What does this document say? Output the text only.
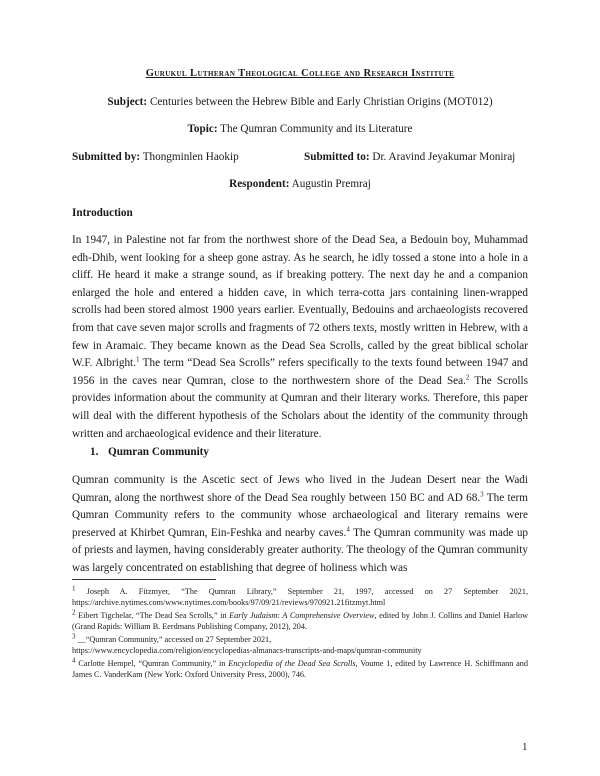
Gurukul Lutheran Theological College and Research Institute
Subject: Centuries between the Hebrew Bible and Early Christian Origins (MOT012)
Topic: The Qumran Community and its Literature
Submitted by: Thongminlen Haokip	Submitted to: Dr. Aravind Jeyakumar Moniraj
Respondent: Augustin Premraj
Introduction

In 1947, in Palestine not far from the northwest shore of the Dead Sea, a Bedouin boy, Muhammad edh-Dhib, went looking for a sheep gone astray. As he search, he idly tossed a stone into a hole in a cliff. He heard it make a strange sound, as if breaking pottery. The next day he and a companion enlarged the hole and entered a hidden cave, in which terra-cotta jars containing linen-wrapped scrolls had been stored almost 1900 years earlier. Eventually, Bedouins and archaeologists recovered from that cave seven major scrolls and fragments of 72 others texts, mostly written in Hebrew, with a few in Aramaic. They became known as the Dead Sea Scrolls, called by the great biblical scholar W.F. Albright.$^1$ The term “Dead Sea Scrolls” refers specifically to the texts found between 1947 and 1956 in the caves near Qumran, close to the northwestern shore of the Dead Sea.$^2$ The Scrolls provides information about the community at Qumran and their literary works. Therefore, this paper will deal with the different hypothesis of the Scholars about the identity of the community through written and archaeological evidence and their literature.

1. Qumran Community

Qumran community is the Ascetic sect of Jews who lived in the Judean Desert near the Wadi Qumran, along the northwest shore of the Dead Sea roughly between 150 BC and AD 68.$^3$ The term Qumran Community refers to the community whose archaeological and literary remains were preserved at Khirbet Qumran, Ein-Feshka and nearby caves.$^4$ The Qumran community was made up of priests and laymen, having considerably greater authority. The theology of the Qumran community was largely concentrated on establishing that degree of holiness which was

$^1$ Joseph A. Fitzmyer, “The Qumran Library,” September 21, 1997, accessed on 27 September 2021, https://archive.nytimes.com/www.nytimes.com/books/97/09/21/reviews/970921.21fitzmyt.html

$^2$ Eibert Tigchelar, “The Dead Sea Scrolls,” in Early Judaism: A Comprehensive Overview, edited by John J. Collins and Daniel Harlow (Grand Rapids: William B. Eerdmans Publishing Company, 2012), 204.

$^3$ __“Qumran Community,” accessed on 27 September 2021,
https://www.encyclopedia.com/religion/encyclopedias-almanacs-transcripts-and-maps/qumran-community

$^4$ Carlotte Hempel, “Qumran Community,” in Encyclopedia of the Dead Sea Scrolls, Voume 1, edited by Lawrence H. Schiffmann and James C. VanderKam (New York: Oxford University Press, 2000), 746.

1
